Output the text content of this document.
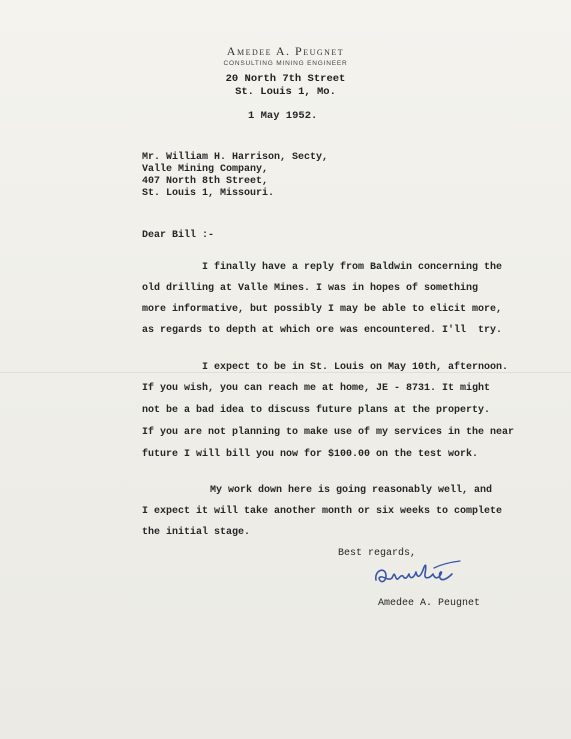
Amedee A. Peugnet
CONSULTING MINING ENGINEER
20 North 7th Street
St. Louis 1, Mo.
1 May 1952.
Mr. William H. Harrison, Secty,
Valle Mining Company,
407 North 8th Street,
St. Louis 1, Missouri.
Dear Bill :-
I finally have a reply from Baldwin concerning the
old drilling at Valle Mines. I was in hopes of something
more informative, but possibly I may be able to elicit more,
as regards to depth at which ore was encountered. I'll  try.
I expect to be in St. Louis on May 10th, afternoon.
If you wish, you can reach me at home, JE - 8731. It might
not be a bad idea to discuss future plans at the property.
If you are not planning to make use of my services in the near
future I will bill you now for $100.00 on the test work.
My work down here is going reasonably well, and
I expect it will take another month or six weeks to complete
the initial stage.
Best regards,
Amedee A. Peugnet
